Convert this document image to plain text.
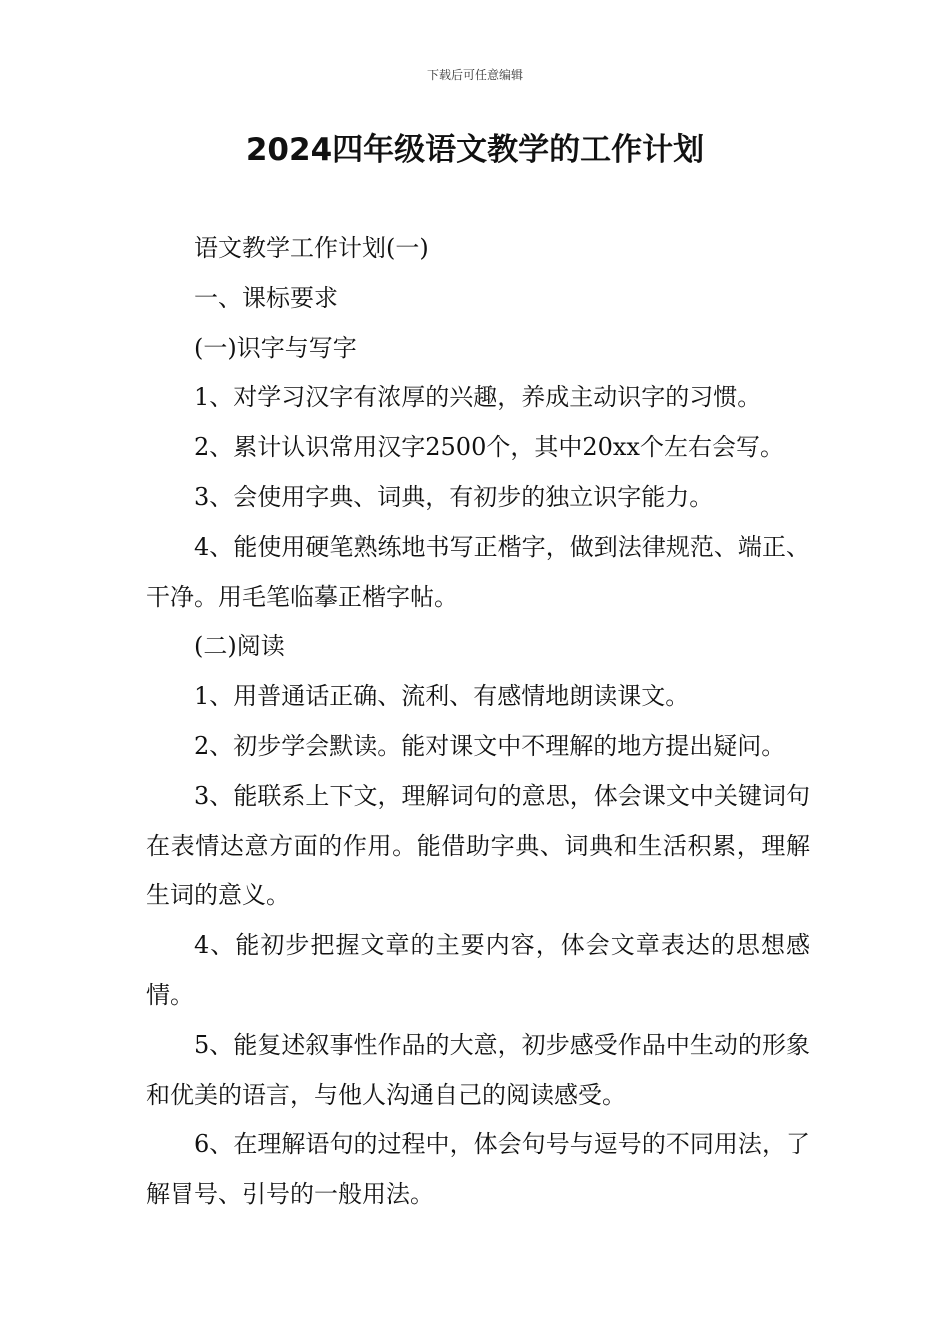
下载后可任意编辑
2024四年级语文教学的工作计划

语文教学工作计划(一)

一、课标要求

(一)识字与写字

1、对学习汉字有浓厚的兴趣，养成主动识字的习惯。

2、累计认识常用汉字2500个，其中20xx个左右会写。

3、会使用字典、词典，有初步的独立识字能力。

4、能使用硬笔熟练地书写正楷字，做到法律规范、端正、干净。用毛笔临摹正楷字帖。

(二)阅读

1、用普通话正确、流利、有感情地朗读课文。

2、初步学会默读。能对课文中不理解的地方提出疑问。

3、能联系上下文，理解词句的意思，体会课文中关键词句在表情达意方面的作用。能借助字典、词典和生活积累，理解生词的意义。

4、能初步把握文章的主要内容，体会文章表达的思想感情。

5、能复述叙事性作品的大意，初步感受作品中生动的形象和优美的语言，与他人沟通自己的阅读感受。

6、在理解语句的过程中，体会句号与逗号的不同用法，了解冒号、引号的一般用法。
